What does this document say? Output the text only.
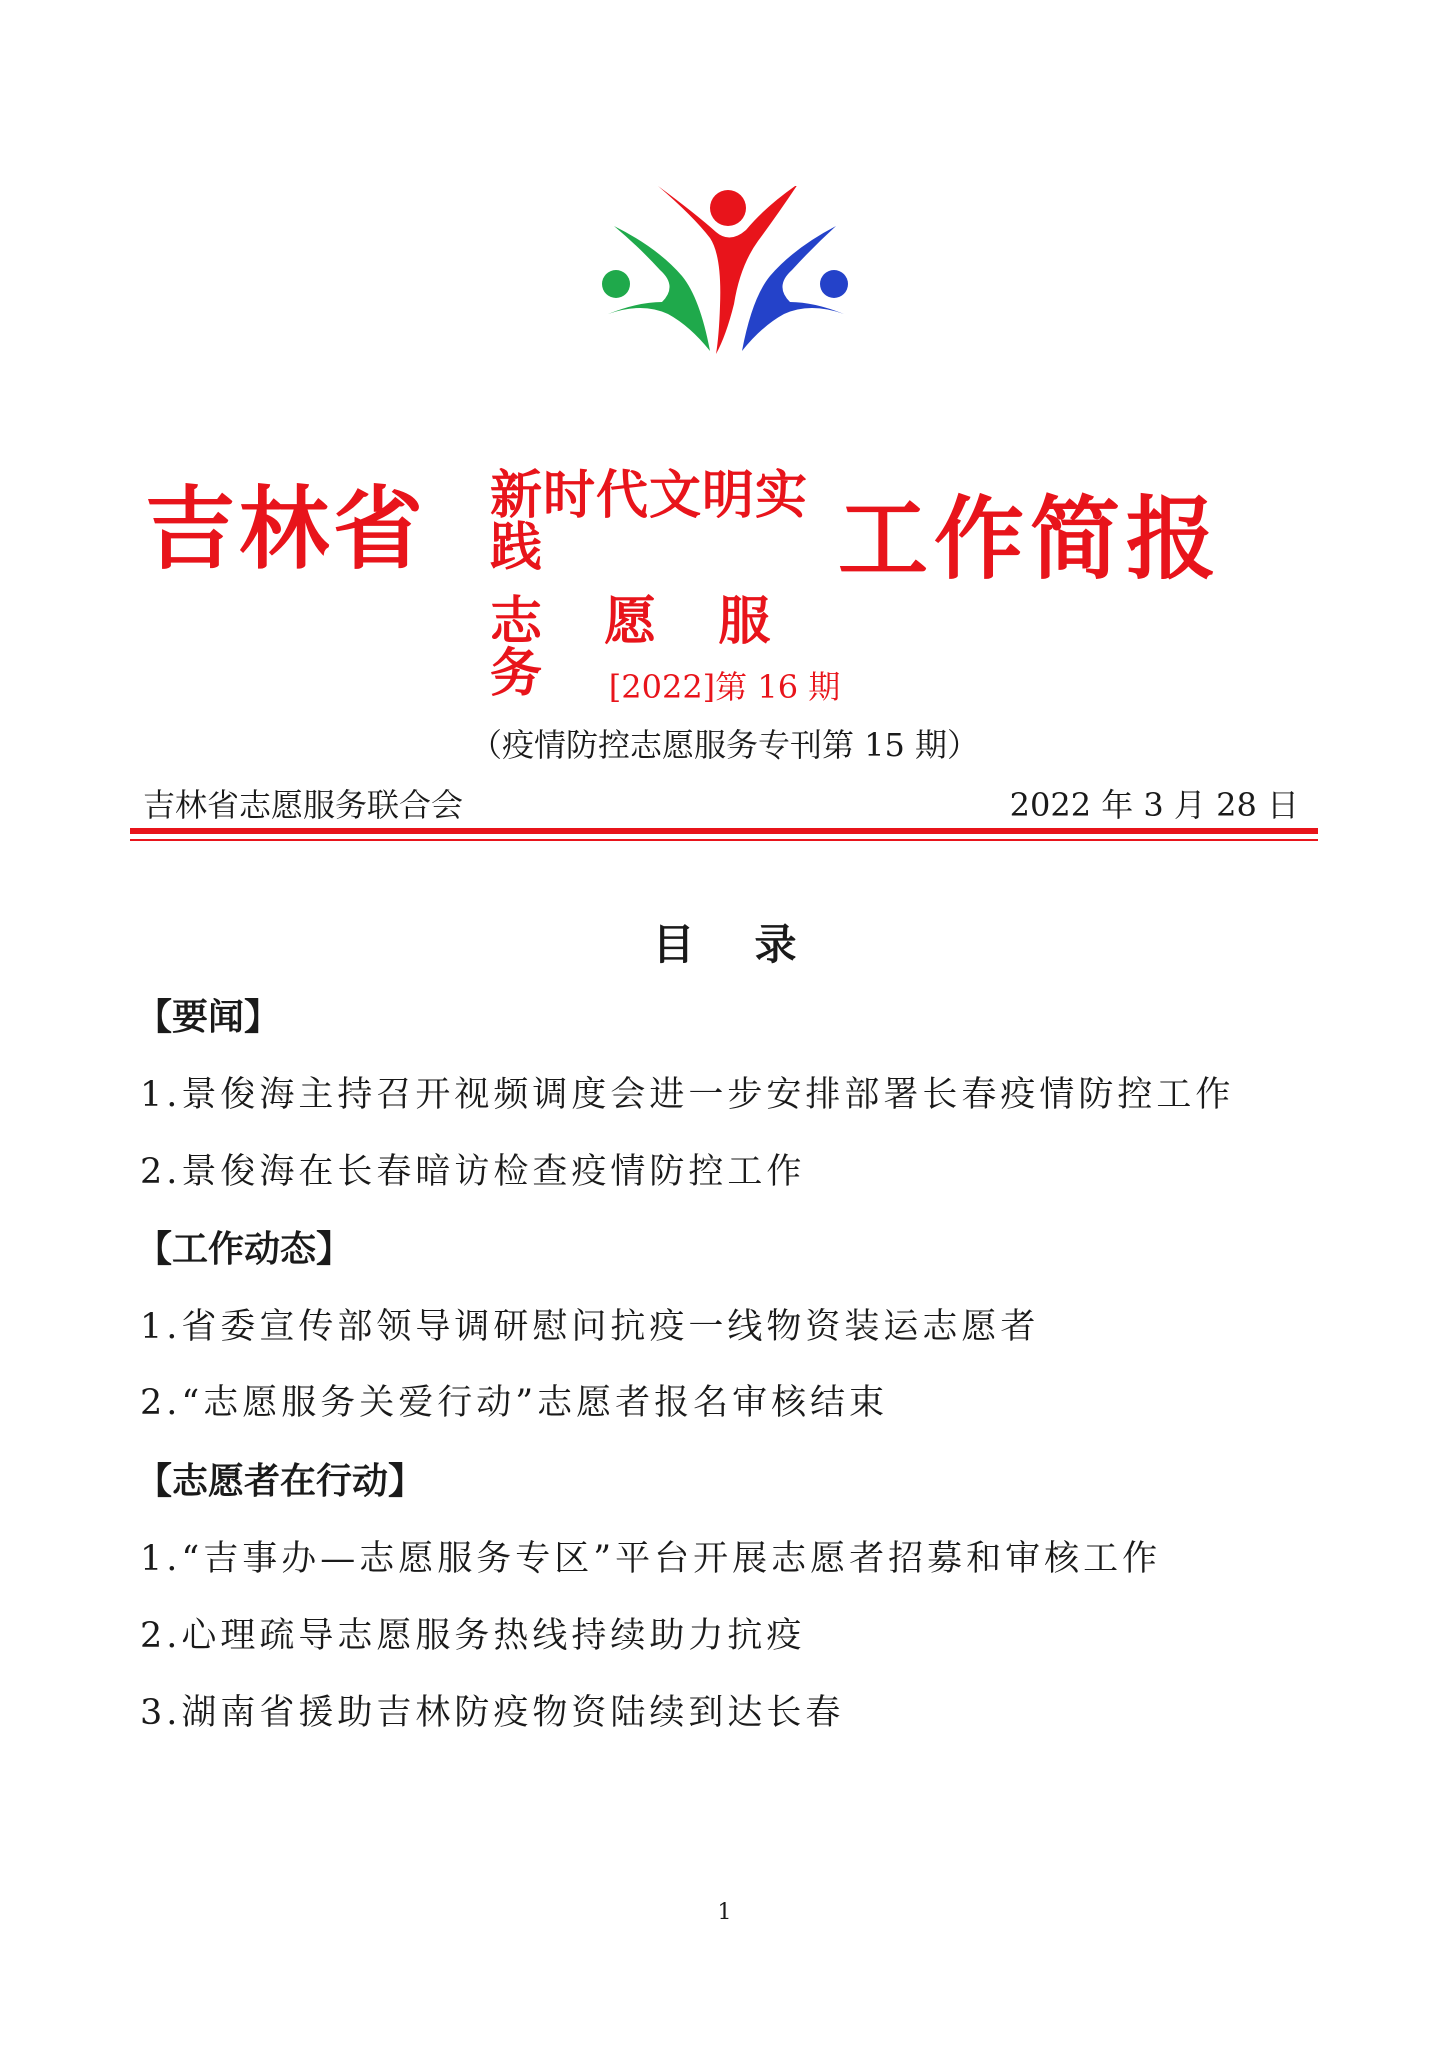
吉林省 新时代文明实践
志 愿 服 务
工作简报
[2022]第 16 期
（疫情防控志愿服务专刊第 15 期）
吉林省志愿服务联合会	2022 年 3 月 28 日
目录
【要闻】
1.景俊海主持召开视频调度会进一步安排部署长春疫情防控工作
2.景俊海在长春暗访检查疫情防控工作
【工作动态】
1.省委宣传部领导调研慰问抗疫一线物资装运志愿者
2.“志愿服务关爱行动”志愿者报名审核结束
【志愿者在行动】
1.“吉事办—志愿服务专区”平台开展志愿者招募和审核工作
2.心理疏导志愿服务热线持续助力抗疫
3.湖南省援助吉林防疫物资陆续到达长春
1
